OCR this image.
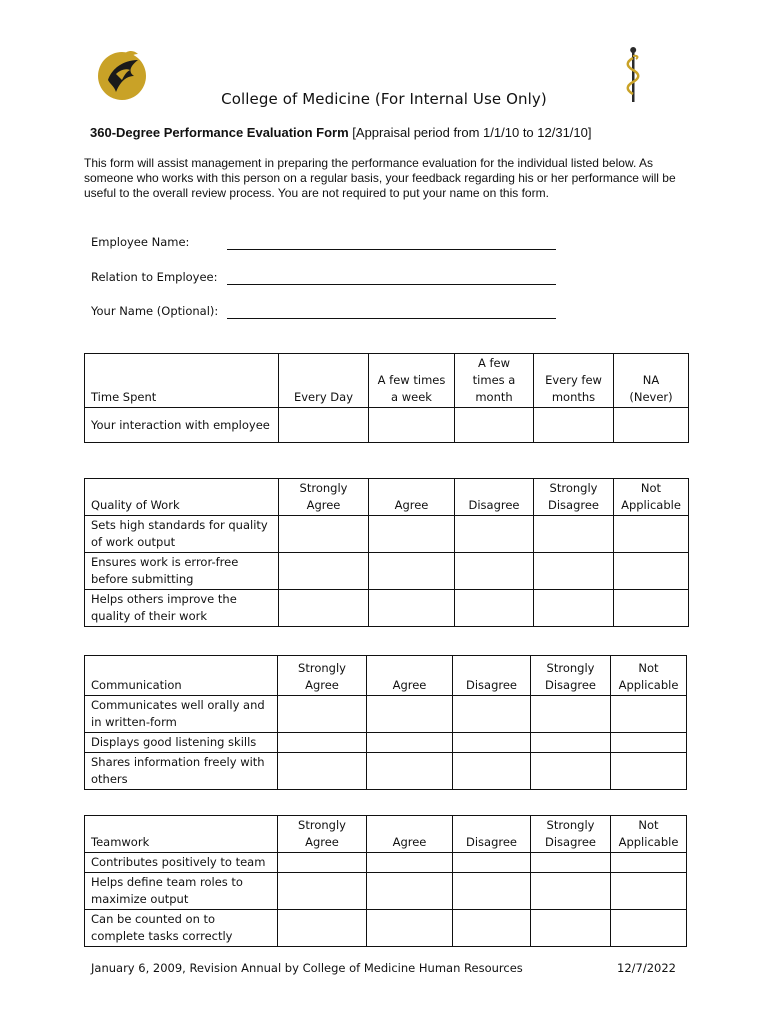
College of Medicine (For Internal Use Only)
360-Degree Performance Evaluation Form [Appraisal period from 1/1/10 to 12/31/10]
This form will assist management in preparing the performance evaluation for the individual listed below. As someone who works with this person on a regular basis, your feedback regarding his or her performance will be useful to the overall review process. You are not required to put your name on this form.
Employee Name:
Relation to Employee:
Your Name (Optional):
Time Spent	Every Day	A few times a week	A few times a month	Every few months	NA (Never)
Your interaction with employee					
Quality of Work	Strongly Agree	Agree	Disagree	Strongly Disagree	Not Applicable
Sets high standards for quality of work output					
Ensures work is error-free before submitting					
Helps others improve the quality of their work					
Communication	Strongly Agree	Agree	Disagree	Strongly Disagree	Not Applicable
Communicates well orally and in written-form					
Displays good listening skills					
Shares information freely with others					
Teamwork	Strongly Agree	Agree	Disagree	Strongly Disagree	Not Applicable
Contributes positively to team					
Helps define team roles to maximize output					
Can be counted on to complete tasks correctly					
January 6, 2009, Revision Annual by College of Medicine Human Resources	12/7/2022
